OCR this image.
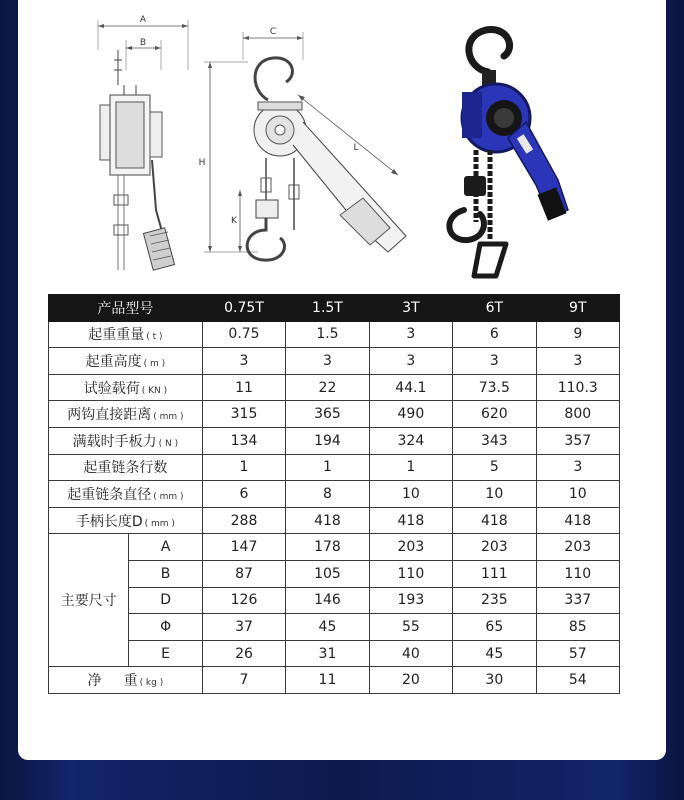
A
B
C
H
K
L
产品型号		0.75T	1.5T	3T	6T	9T
起重重量 ( t )		0.75	1.5	3	6	9
起重高度 ( m )		3	3	3	3	3
试验载荷 ( KN )		11	22	44.1	73.5	110.3
两钩直接距离 ( mm )		315	365	490	620	800
满载时手板力 ( N )		134	194	324	343	357
起重链条行数		1	1	1	5	3
起重链条直径 ( mm )		6	8	10	10	10
手柄长度D ( mm )		288	418	418	418	418
主要尺寸	A	147	178	203	203	203
	B	87	105	110	111	110
	D	126	146	193	235	337
	Φ	37	45	55	65	85
	E	26	31	40	45	57
净 重 ( kg )		7	11	20	30	54
